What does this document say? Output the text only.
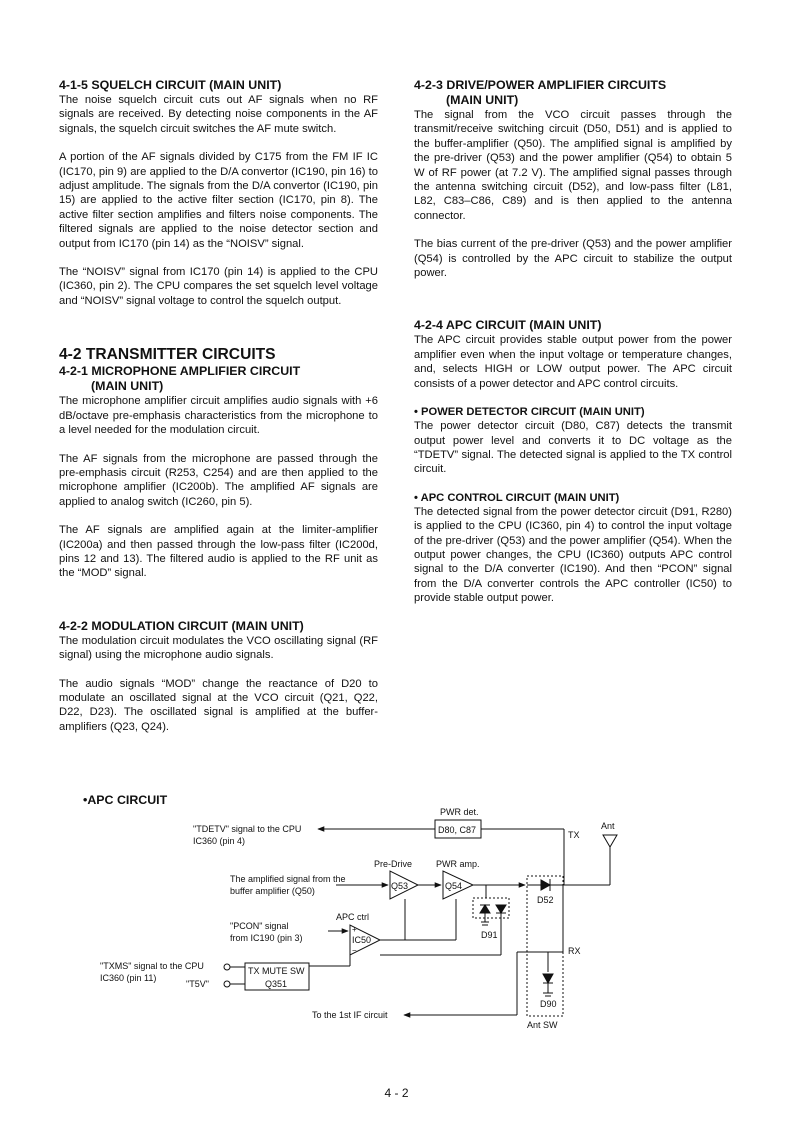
4-1-5 SQUELCH CIRCUIT (MAIN UNIT)

The noise squelch circuit cuts out AF signals when no RF signals are received. By detecting noise components in the AF signals, the squelch circuit switches the AF mute switch.

A portion of the AF signals divided by C175 from the FM IF IC (IC170, pin 9) are applied to the D/A convertor (IC190, pin 16) to adjust amplitude. The signals from the D/A convertor (IC190, pin 15) are applied to the active filter section (IC170, pin 8). The active filter section amplifies and filters noise components. The filtered signals are applied to the noise detector section and output from IC170 (pin 14) as the “NOISV” signal.

The “NOISV” signal from IC170 (pin 14) is applied to the CPU (IC360, pin 2). The CPU compares the set squelch level voltage and “NOISV” signal voltage to control the squelch output.

4-2 TRANSMITTER CIRCUITS
4-2-1 MICROPHONE AMPLIFIER CIRCUIT
(MAIN UNIT)

The microphone amplifier circuit amplifies audio signals with +6 dB/octave pre-emphasis characteristics from the microphone to a level needed for the modulation circuit.

The AF signals from the microphone are passed through the pre-emphasis circuit (R253, C254) and are then applied to the microphone amplifier (IC200b). The amplified AF signals are applied to analog switch (IC260, pin 5).

The AF signals are amplified again at the limiter-amplifier (IC200a) and then passed through the low-pass filter (IC200d, pins 12 and 13). The filtered audio is applied to the RF unit as the “MOD” signal.

4-2-2 MODULATION CIRCUIT (MAIN UNIT)

The modulation circuit modulates the VCO oscillating signal (RF signal) using the microphone audio signals.

The audio signals “MOD” change the reactance of D20 to modulate an oscillated signal at the VCO circuit (Q21, Q22, D22, D23). The oscillated signal is amplified at the buffer-amplifiers (Q23, Q24).

4-2-3 DRIVE/POWER AMPLIFIER CIRCUITS
(MAIN UNIT)

The signal from the VCO circuit passes through the transmit/receive switching circuit (D50, D51) and is applied to the buffer-amplifier (Q50). The amplified signal is amplified by the pre-driver (Q53) and the power amplifier (Q54) to obtain 5 W of RF power (at 7.2 V). The amplified signal passes through the antenna switching circuit (D52), and low-pass filter (L81, L82, C83–C86, C89) and is then applied to the antenna connector.

The bias current of the pre-driver (Q53) and the power amplifier (Q54) is controlled by the APC circuit to stabilize the output power.

4-2-4 APC CIRCUIT (MAIN UNIT)

The APC circuit provides stable output power from the power amplifier even when the input voltage or temperature changes, and, selects HIGH or LOW output power. The APC circuit consists of a power detector and APC control circuits.

• POWER DETECTOR CIRCUIT (MAIN UNIT)

The power detector circuit (D80, C87) detects the transmit output power level and converts it to DC voltage as the “TDETV” signal. The detected signal is applied to the TX control circuit.

• APC CONTROL CIRCUIT (MAIN UNIT)

The detected signal from the power detector circuit (D91, R280) is applied to the CPU (IC360, pin 4) to control the input voltage of the pre-driver (Q53) and the power amplifier (Q54). When the output power changes, the CPU (IC360) outputs APC control signal to the D/A converter (IC190). And then “PCON” signal from the D/A converter controls the APC controller (IC50) to provide stable output power.

•APC CIRCUIT
PWR det.
D80, C87
"TDETV" signal to the CPU
IC360 (pin 4)
TX
Ant
Pre-Drive	PWR amp.
The amplified signal from the
buffer amplifier (Q50)	Q53	Q54
D52
Ant SW
RX
D90
To the 1st IF circuit
D91
APC ctrl
IC50
+
−
"PCON" signal
from IC190 (pin 3)
TX MUTE SW
Q351
"TXMS" signal to the CPU
IC360 (pin 11)
"T5V"
4 - 2
